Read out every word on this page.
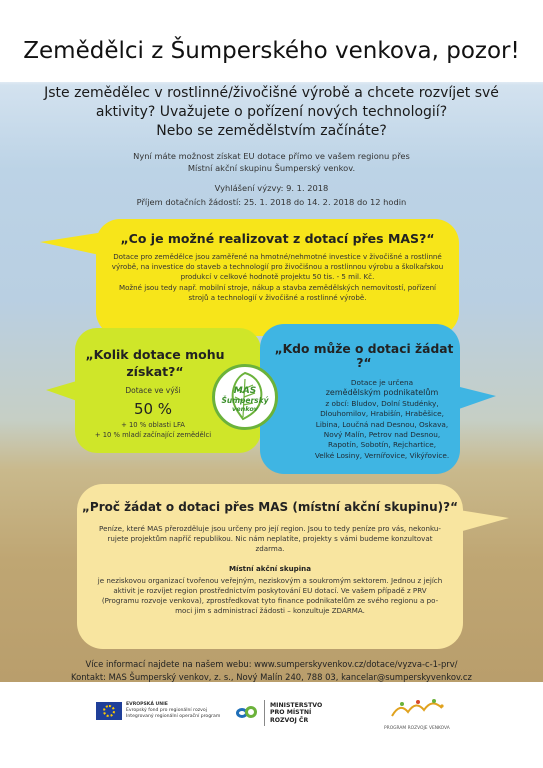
Zemědělci z Šumperského venkova, pozor!
Jste zemědělec v rostlinné/živočišné výrobě a chcete rozvíjet své
aktivity? Uvažujete o pořízení nových technologií?
Nebo se zemědělstvím začínáte?
Nyní máte možnost získat EU dotace přímo ve vašem regionu přes
Místní akční skupinu Šumperský venkov.
Vyhlášení výzvy: 9. 1. 2018
Příjem dotačních žádostí: 25. 1. 2018 do 14. 2. 2018 do 12 hodin
„Co je možné realizovat z dotací přes MAS?“
Dotace pro zemědělce jsou zaměřené na hmotné/nehmotné investice v živočišné a rostlinné
výrobě, na investice do staveb a technologií pro živočišnou a rostlinnou výrobu a školkařskou
produkcí v celkové hodnotě projektu 50 tis. - 5 mil. Kč.
Možné jsou tedy např. mobilní stroje, nákup a stavba zemědělských nemovitostí, pořízení
strojů a technologií v živočišné a rostlinné výrobě.
„Kolik dotace mohu
získat?“
Dotace ve výši
50 %
+ 10 % oblasti LFA
+ 10 % mladí začínající zemědělci
„Kdo může o dotaci žádat ?“
Dotace je určena
zemědělským podnikatelům
z obcí: Bludov, Dolní Studénky,
Dlouhomilov, Hrabišín, Hraběšice,
Libina, Loučná nad Desnou, Oskava,
Nový Malín, Petrov nad Desnou,
Rapotín, Sobotín, Rejchartice,
Velké Losiny, Vernířovice, Vikýřovice.
MAS
Šumperský
venkov
„Proč žádat o dotaci přes MAS (místní akční skupinu)?“
Peníze, které MAS přerozděluje jsou určeny pro její region. Jsou to tedy peníze pro vás, nekonku-
rujete projektům napříč republikou. Nic nám neplatíte, projekty s vámi budeme konzultovat
zdarma.
Místní akční skupina
je neziskovou organizací tvořenou veřejným, neziskovým a soukromým sektorem. Jednou z jejích
aktivit je rozvíjet region prostřednictvím poskytování EU dotací. Ve vašem případě z PRV
(Programu rozvoje venkova), zprostředkovat tyto finance podnikatelům ze svého regionu a po-
moci jim s administrací žádosti – konzultuje ZDARMA.
Více informací najdete na našem webu: www.sumperskyvenkov.cz/dotace/vyzva-c-1-prv/
Kontakt: MAS Šumperský venkov, z. s., Nový Malín 240, 788 03, kancelar@sumperskyvenkov.cz
EVROPSKÁ UNIE
Evropský fond pro regionální rozvoj
Integrovaný regionální operační program
MINISTERSTVO
PRO MÍSTNÍ
ROZVOJ ČR
PROGRAM ROZVOJE VENKOVA
